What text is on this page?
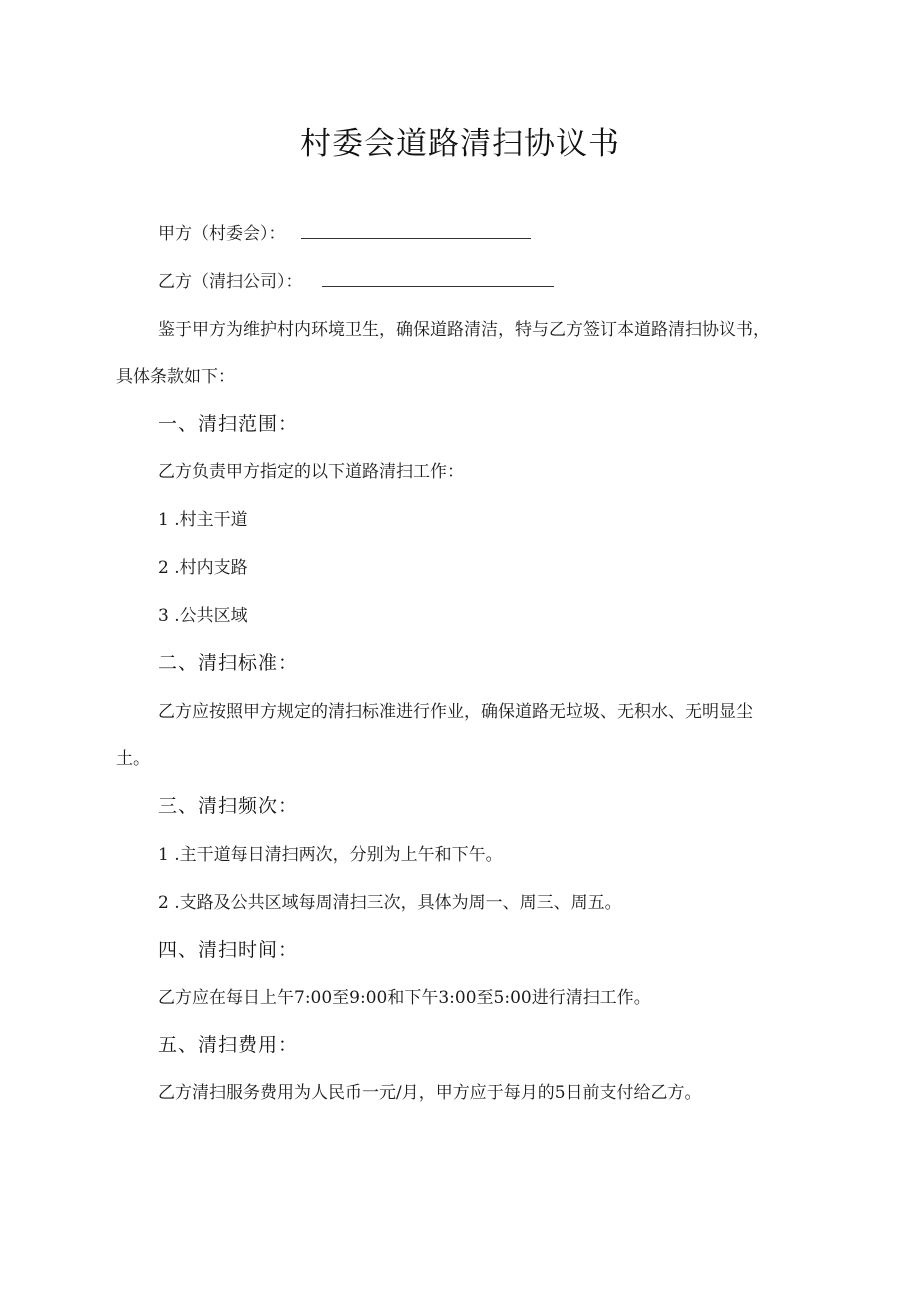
村委会道路清扫协议书
甲方（村委会）：
乙方（清扫公司）：
鉴于甲方为维护村内环境卫生，确保道路清洁，特与乙方签订本道路清扫协议书，
具体条款如下：
一、清扫范围：
乙方负责甲方指定的以下道路清扫工作：
1 .村主干道
2 .村内支路
3 .公共区域
二、清扫标准：
乙方应按照甲方规定的清扫标准进行作业，确保道路无垃圾、无积水、无明显尘
土。
三、清扫频次：
1 .主干道每日清扫两次，分别为上午和下午。
2 .支路及公共区域每周清扫三次，具体为周一、周三、周五。
四、清扫时间：
乙方应在每日上午7:00至9:00和下午3:00至5:00进行清扫工作。
五、清扫费用：
乙方清扫服务费用为人民币一元/月，甲方应于每月的5日前支付给乙方。
